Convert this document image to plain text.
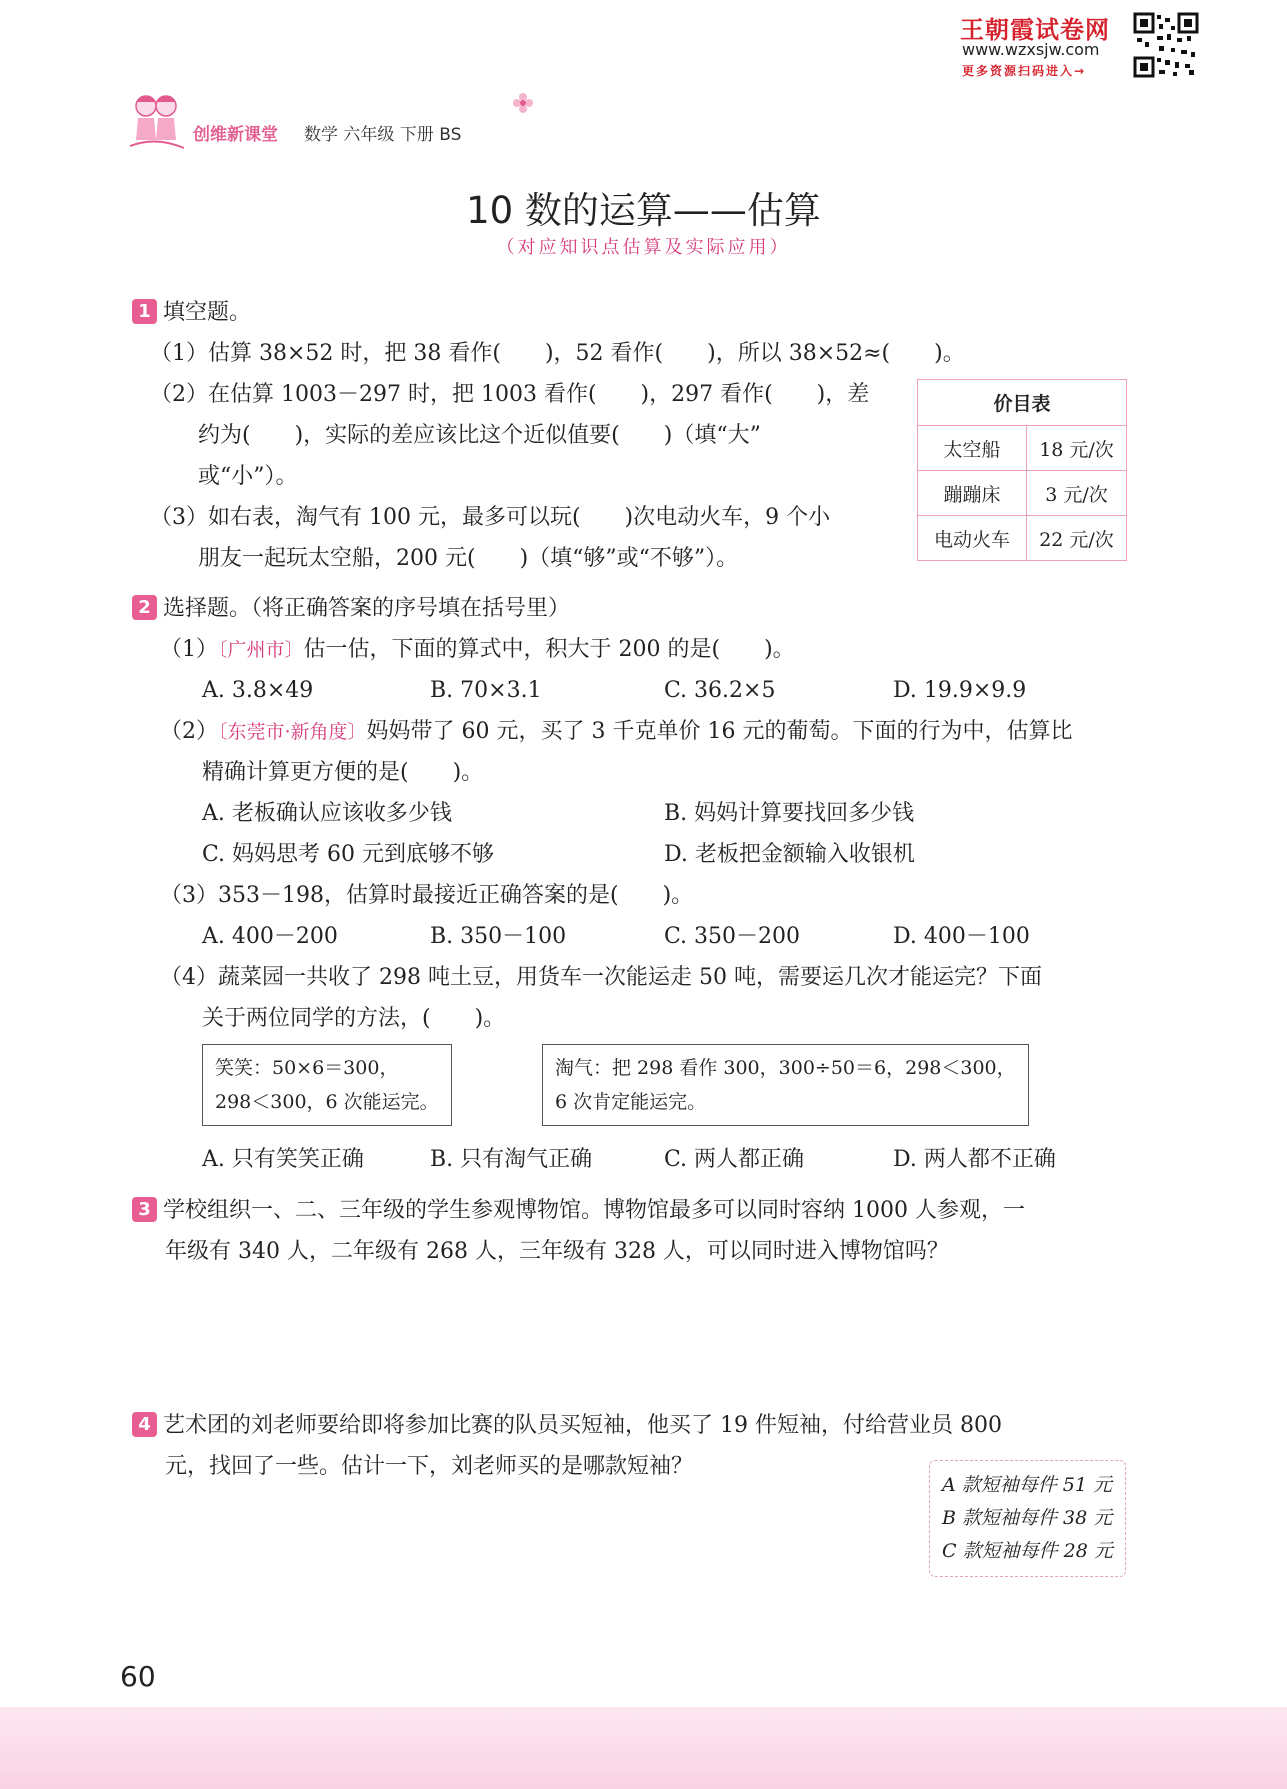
王朝霞试卷网
www.wzxsjw.com
更多资源扫码进入→
创维新课堂 数学 六年级 下册 BS
10 数的运算——估算
（对应知识点估算及实际应用）
1 填空题。
（1）估算 38×52 时，把 38 看作(　　)，52 看作(　　)，所以 38×52≈(　　)。
（2）在估算 1003－297 时，把 1003 看作(　　)，297 看作(　　)，差
约为(　　)，实际的差应该比这个近似值要(　　)（填“大”
或“小”）。
（3）如右表，淘气有 100 元，最多可以玩(　　)次电动火车，9 个小
朋友一起玩太空船，200 元(　　)（填“够”或“不够”）。
价目表	
太空船	18 元/次
蹦蹦床	3 元/次
电动火车	22 元/次
2 选择题。（将正确答案的序号填在括号里）
（1）〔广州市〕估一估，下面的算式中，积大于 200 的是(　　)。
A. 3.8×49	B. 70×3.1	C. 36.2×5	D. 19.9×9.9
（2）〔东莞市·新角度〕妈妈带了 60 元，买了 3 千克单价 16 元的葡萄。下面的行为中，估算比
精确计算更方便的是(　　)。
A. 老板确认应该收多少钱	B. 妈妈计算要找回多少钱
C. 妈妈思考 60 元到底够不够	D. 老板把金额输入收银机
（3）353－198，估算时最接近正确答案的是(　　)。
A. 400－200	B. 350－100	C. 350－200	D. 400－100
（4）蔬菜园一共收了 298 吨土豆，用货车一次能运走 50 吨，需要运几次才能运完？下面
关于两位同学的方法，(　　)。
笑笑：50×6＝300，
298＜300，6 次能运完。
淘气：把 298 看作 300，300÷50＝6，298＜300，
6 次肯定能运完。
A. 只有笑笑正确	B. 只有淘气正确	C. 两人都正确	D. 两人都不正确
3 学校组织一、二、三年级的学生参观博物馆。博物馆最多可以同时容纳 1000 人参观，一
年级有 340 人，二年级有 268 人，三年级有 328 人，可以同时进入博物馆吗？
4 艺术团的刘老师要给即将参加比赛的队员买短袖，他买了 19 件短袖，付给营业员 800
元，找回了一些。估计一下，刘老师买的是哪款短袖？
A 款短袖每件 51 元
B 款短袖每件 38 元
C 款短袖每件 28 元
60
